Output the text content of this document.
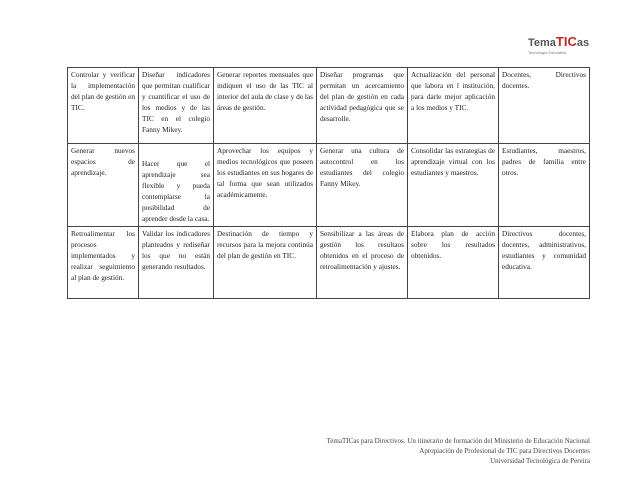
TemaTICas
Tecnología Educativa
Controlar y verificar la implementación del plan de gestión en TIC.	Diseñar indicadores que permitan cualificar y cuantificar el uso de los medios y de las TIC en el colegio Fanny Mikey.	Generar reportes mensuales que indiquen el uso de las TIC al interior del aula de clase y de las áreas de gestión.	Diseñar programas que permitan un acercamiento del plan de gestión en cada actividad pedagógica que se desarrolle.	Actualización del personal que labora en l institución, para darle mejor aplicación a los medios y TIC.	Docentes, Directivos docentes.
Generar nuevos espacios de aprendizaje.	Hacer que el aprendizaje sea flexible y pueda contemplarse la posibilidad de aprender desde la casa.	Aprovechar los equipos y medios tecnológicos que poseen los estudiantes en sus hogares de tal forma que sean utilizados académicamente.	Generar una cultura de autocontrol en los estudiantes del colegio Fanny Mikey.	Consolidar las estrategias de aprendizaje virtual con los estudiantes y maestros.	Estudiantes, maestros, padres de familia entre otros.
Retroalimentar los procesos implementados y realizar seguimiento al plan de gestión.	Validar los indicadores planteados y rediseñar los que no están generando resultados.	Destinación de tiempo y recursos para la mejora continúa del plan de gestión en TIC.	Sensibilizar a las áreas de gestión los resultaos obtenidos en el proceso de retroalimentación y ajustes.	Elabora plan de acción sobre los resultados obtenidos.	Directivos docentes, docentes, administrativos, estudiantes y comunidad educativa.
TemaTICas para Directivos. Un itinerario de formación del Ministerio de Educación Nacional
Apropiación de Profesional de TIC para Directivos Docentes
Universidad Tecnológica de Pereira
